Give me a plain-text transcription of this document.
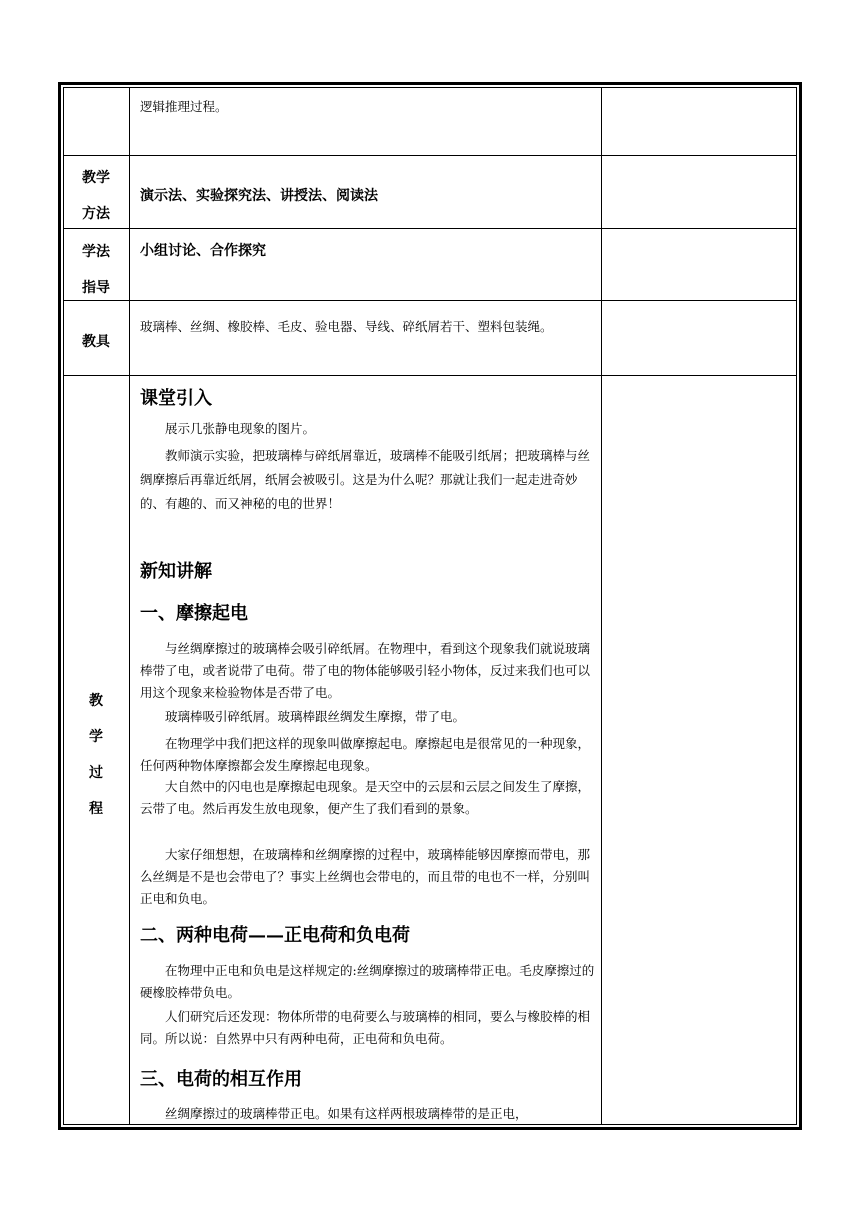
逻辑推理过程。
教学
方法
演示法、实验探究法、讲授法、阅读法
学法
指导
小组讨论、合作探究
教具
玻璃棒、丝绸、橡胶棒、毛皮、验电器、导线、碎纸屑若干、塑料包装绳。
教
学
过
程
课堂引入

展示几张静电现象的图片。

教师演示实验，把玻璃棒与碎纸屑靠近，玻璃棒不能吸引纸屑；把玻璃棒与丝绸摩擦后再靠近纸屑，纸屑会被吸引。这是为什么呢？那就让我们一起走进奇妙的、有趣的、而又神秘的电的世界！

新知讲解
一、摩擦起电

与丝绸摩擦过的玻璃棒会吸引碎纸屑。在物理中，看到这个现象我们就说玻璃棒带了电，或者说带了电荷。带了电的物体能够吸引轻小物体，反过来我们也可以用这个现象来检验物体是否带了电。

玻璃棒吸引碎纸屑。玻璃棒跟丝绸发生摩擦，带了电。

在物理学中我们把这样的现象叫做摩擦起电。摩擦起电是很常见的一种现象，任何两种物体摩擦都会发生摩擦起电现象。

大自然中的闪电也是摩擦起电现象。是天空中的云层和云层之间发生了摩擦，云带了电。然后再发生放电现象，便产生了我们看到的景象。

大家仔细想想，在玻璃棒和丝绸摩擦的过程中，玻璃棒能够因摩擦而带电，那么丝绸是不是也会带电了？事实上丝绸也会带电的，而且带的电也不一样，分别叫正电和负电。

二、两种电荷——正电荷和负电荷

在物理中正电和负电是这样规定的:丝绸摩擦过的玻璃棒带正电。毛皮摩擦过的硬橡胶棒带负电。

人们研究后还发现：物体所带的电荷要么与玻璃棒的相同，要么与橡胶棒的相同。所以说：自然界中只有两种电荷，正电荷和负电荷。

三、电荷的相互作用

丝绸摩擦过的玻璃棒带正电。如果有这样两根玻璃棒带的是正电，
